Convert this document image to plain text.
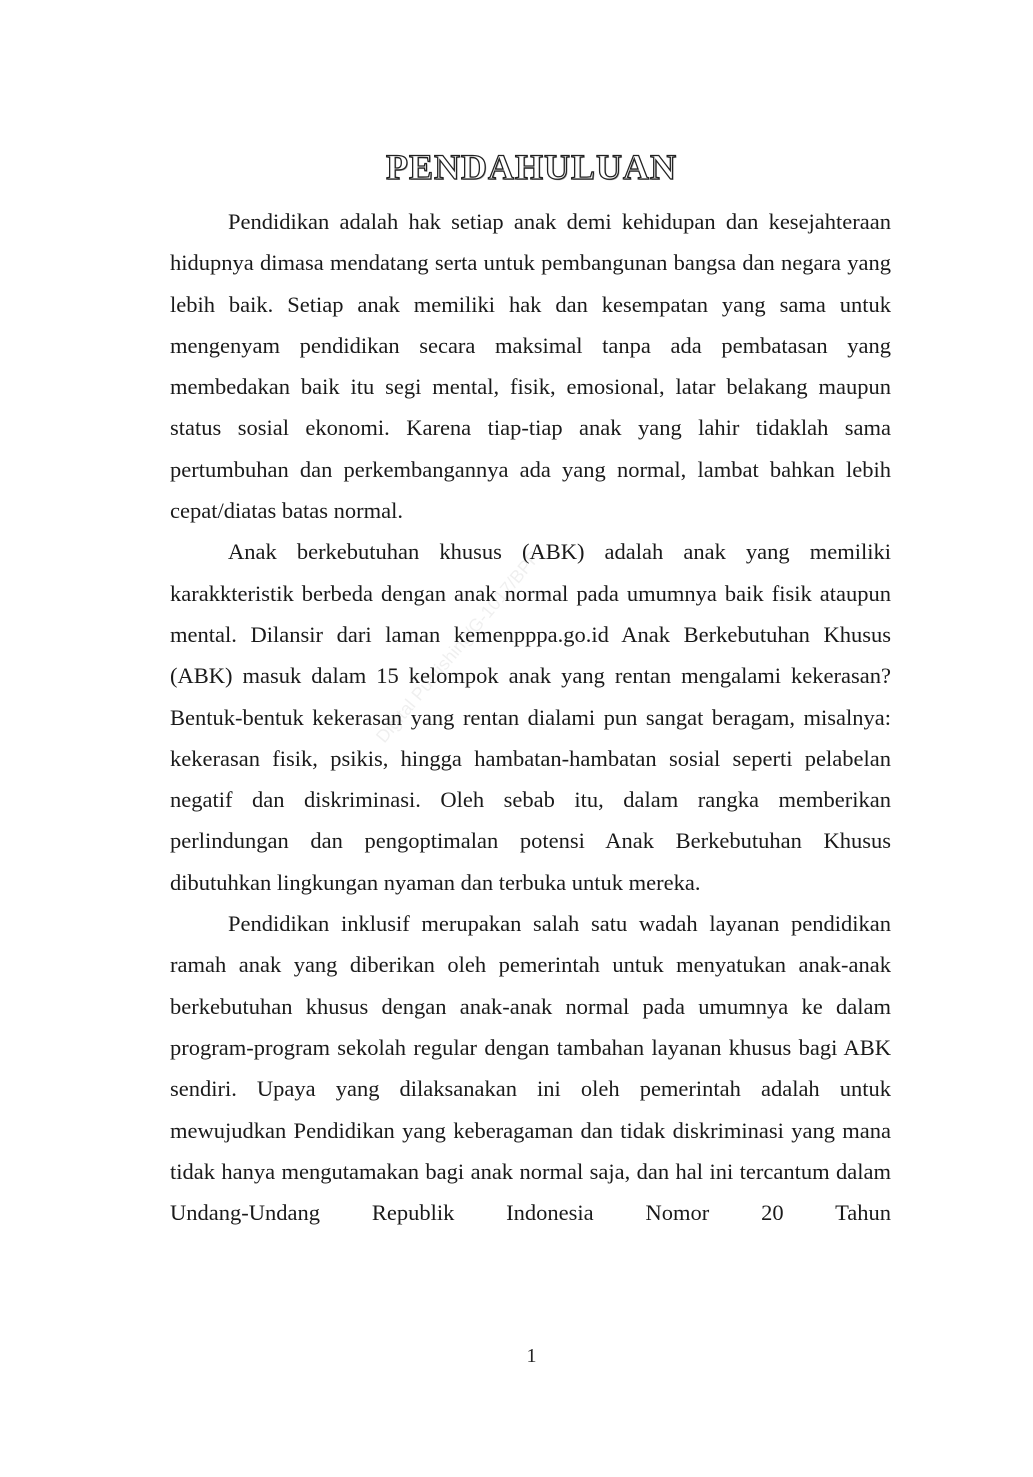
PENDAHULUAN

Pendidikan adalah hak setiap anak demi kehidupan dan kesejahteraan hidupnya dimasa mendatang serta untuk pembangunan bangsa dan negara yang lebih baik. Setiap anak memiliki hak dan kesempatan yang sama untuk mengenyam pendidikan secara maksimal tanpa ada pembatasan yang membedakan baik itu segi mental, fisik, emosional, latar belakang maupun status sosial ekonomi. Karena tiap-tiap anak yang lahir tidaklah sama pertumbuhan dan perkembangannya ada yang normal, lambat bahkan lebih cepat/diatas batas normal.

Anak berkebutuhan khusus (ABK) adalah anak yang memiliki karakkteristik berbeda dengan anak normal pada umumnya baik fisik ataupun mental. Dilansir dari laman kemenpppa.go.id Anak Berkebutuhan Khusus (ABK) masuk dalam 15 kelompok anak yang rentan mengalami kekerasan? Bentuk-bentuk kekerasan yang rentan dialami pun sangat beragam, misalnya: kekerasan fisik, psikis, hingga hambatan-hambatan sosial seperti pelabelan negatif dan diskriminasi. Oleh sebab itu, dalam rangka memberikan perlindungan dan pengoptimalan potensi Anak Berkebutuhan Khusus dibutuhkan lingkungan nyaman dan terbuka untuk mereka.

Pendidikan inklusif merupakan salah satu wadah layanan pendidikan ramah anak yang diberikan oleh pemerintah untuk menyatukan anak-anak berkebutuhan khusus dengan anak-anak normal pada umumnya ke dalam program-program sekolah regular dengan tambahan layanan khusus bagi ABK sendiri. Upaya yang dilaksanakan ini oleh pemerintah adalah untuk mewujudkan Pendidikan yang keberagaman dan tidak diskriminasi yang mana tidak hanya mengutamakan bagi anak normal saja, dan hal ini tercantum dalam Undang-Undang Republik Indonesia Nomor 20 Tahun

Digital Publishing/G-1017/BPP
1
